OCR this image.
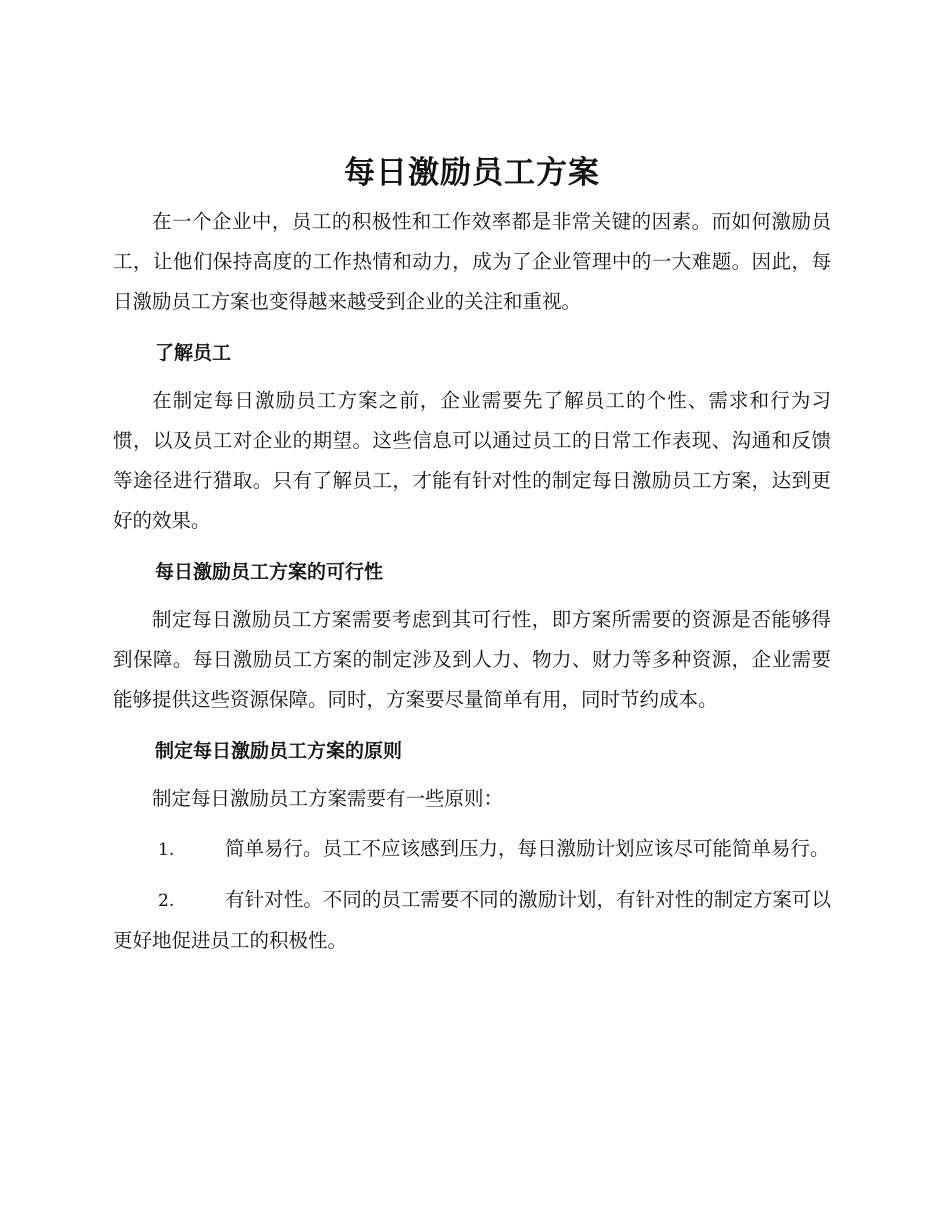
每日激励员工方案

在一个企业中，员工的积极性和工作效率都是非常关键的因素。而如何激励员工，让他们保持高度的工作热情和动力，成为了企业管理中的一大难题。因此，每日激励员工方案也变得越来越受到企业的关注和重视。

了解员工

在制定每日激励员工方案之前，企业需要先了解员工的个性、需求和行为习惯，以及员工对企业的期望。这些信息可以通过员工的日常工作表现、沟通和反馈等途径进行猎取。只有了解员工，才能有针对性的制定每日激励员工方案，达到更好的效果。

每日激励员工方案的可行性

制定每日激励员工方案需要考虑到其可行性，即方案所需要的资源是否能够得到保障。每日激励员工方案的制定涉及到人力、物力、财力等多种资源，企业需要能够提供这些资源保障。同时，方案要尽量简单有用，同时节约成本。

制定每日激励员工方案的原则

制定每日激励员工方案需要有一些原则：

1.	简单易行。员工不应该感到压力，每日激励计划应该尽可能简单易行。
2.	有针对性。不同的员工需要不同的激励计划，有针对性的制定方案可以更好地促进员工的积极性。
